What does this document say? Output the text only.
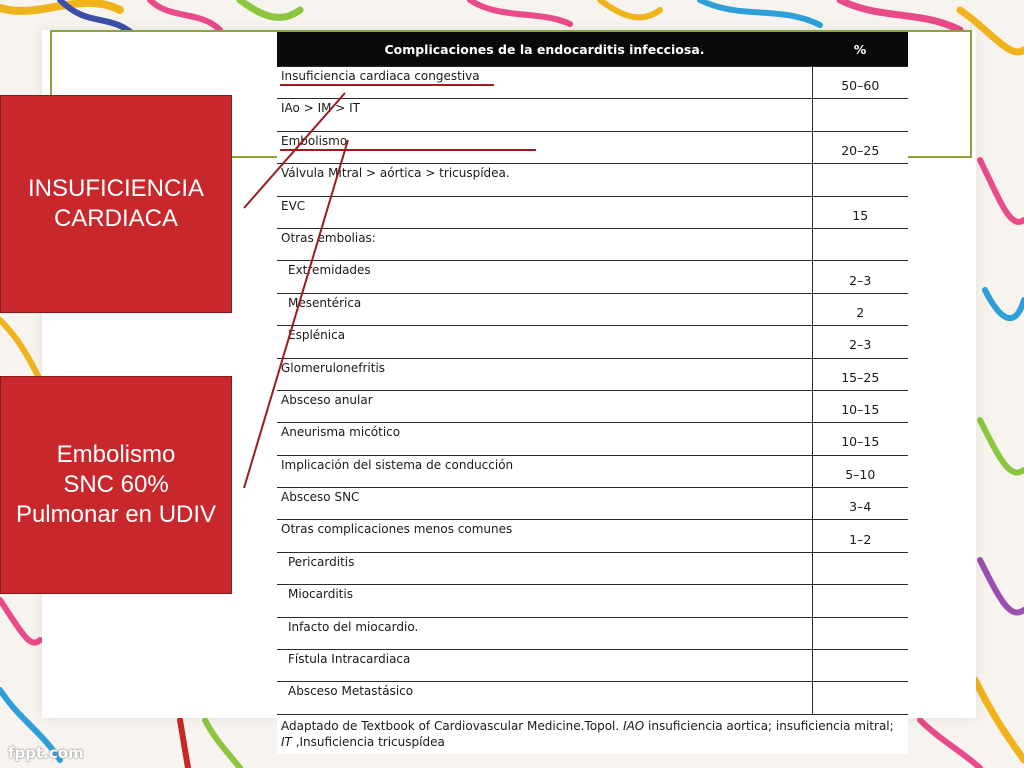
INSUFICIENCIA
CARDIACA
Embolismo
SNC 60%
Pulmonar en UDIV
Complicaciones de la endocarditis infecciosa.	%
Insuficiencia cardiaca congestiva	50–60
IAo > IM > IT	
Embolismo	20–25
Válvula Mitral > aórtica > tricuspídea.	
EVC	15
Otras embolias:	
Extremidades	2–3
Mesentérica	2
Esplénica	2–3
Glomerulonefritis	15–25
Absceso anular	10–15
Aneurisma micótico	10–15
Implicación del sistema de conducción	5–10
Absceso SNC	3–4
Otras complicaciones menos comunes	1–2
Pericarditis	
Miocarditis	
Infacto del miocardio.	
Fístula Intracardiaca	
Absceso Metastásico	
Adaptado de Textbook of Cardiovascular Medicine.Topol. IAO insuficiencia aortica; insuficiencia mitral; IT ,Insuficiencia tricuspídea	
fppt.com
